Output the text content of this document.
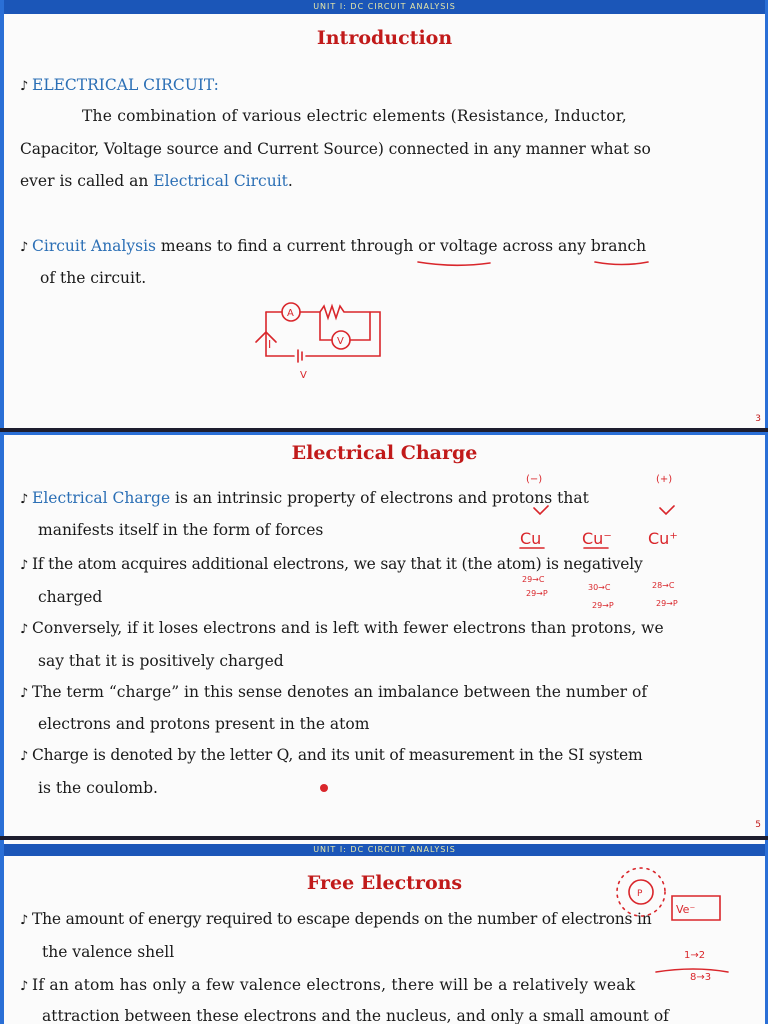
UNIT I: DC CIRCUIT ANALYSIS
Introduction
♪ ELECTRICAL CIRCUIT:
The combination of various electric elements (Resistance, Inductor,
Capacitor, Voltage source and Current Source) connected in any manner what so
ever is called an Electrical Circuit.
♪ Circuit Analysis means to find a current through or voltage across any branch
of the circuit.
A
V
I
V
3
Electrical Charge
♪ Electrical Charge is an intrinsic property of electrons and protons that
manifests itself in the form of forces
♪ If the atom acquires additional electrons, we say that it (the atom) is negatively
charged
♪ Conversely, if it loses electrons and is left with fewer electrons than protons, we
say that it is positively charged
♪ The term “charge” in this sense denotes an imbalance between the number of
electrons and protons present in the atom
♪ Charge is denoted by the letter Q, and its unit of measurement in the SI system
is the coulomb.
(−)	(+)
Cu	Cu⁻ Cu⁺
29→C
29→P
30→C
29→P
28→C
29→P
5
UNIT I: DC CIRCUIT ANALYSIS
Free Electrons
♪ The amount of energy required to escape depends on the number of electrons in
the valence shell
♪ If an atom has only a few valence electrons, there will be a relatively weak
attraction between these electrons and the nucleus, and only a small amount of
P
Ve⁻
1→2
8→3
